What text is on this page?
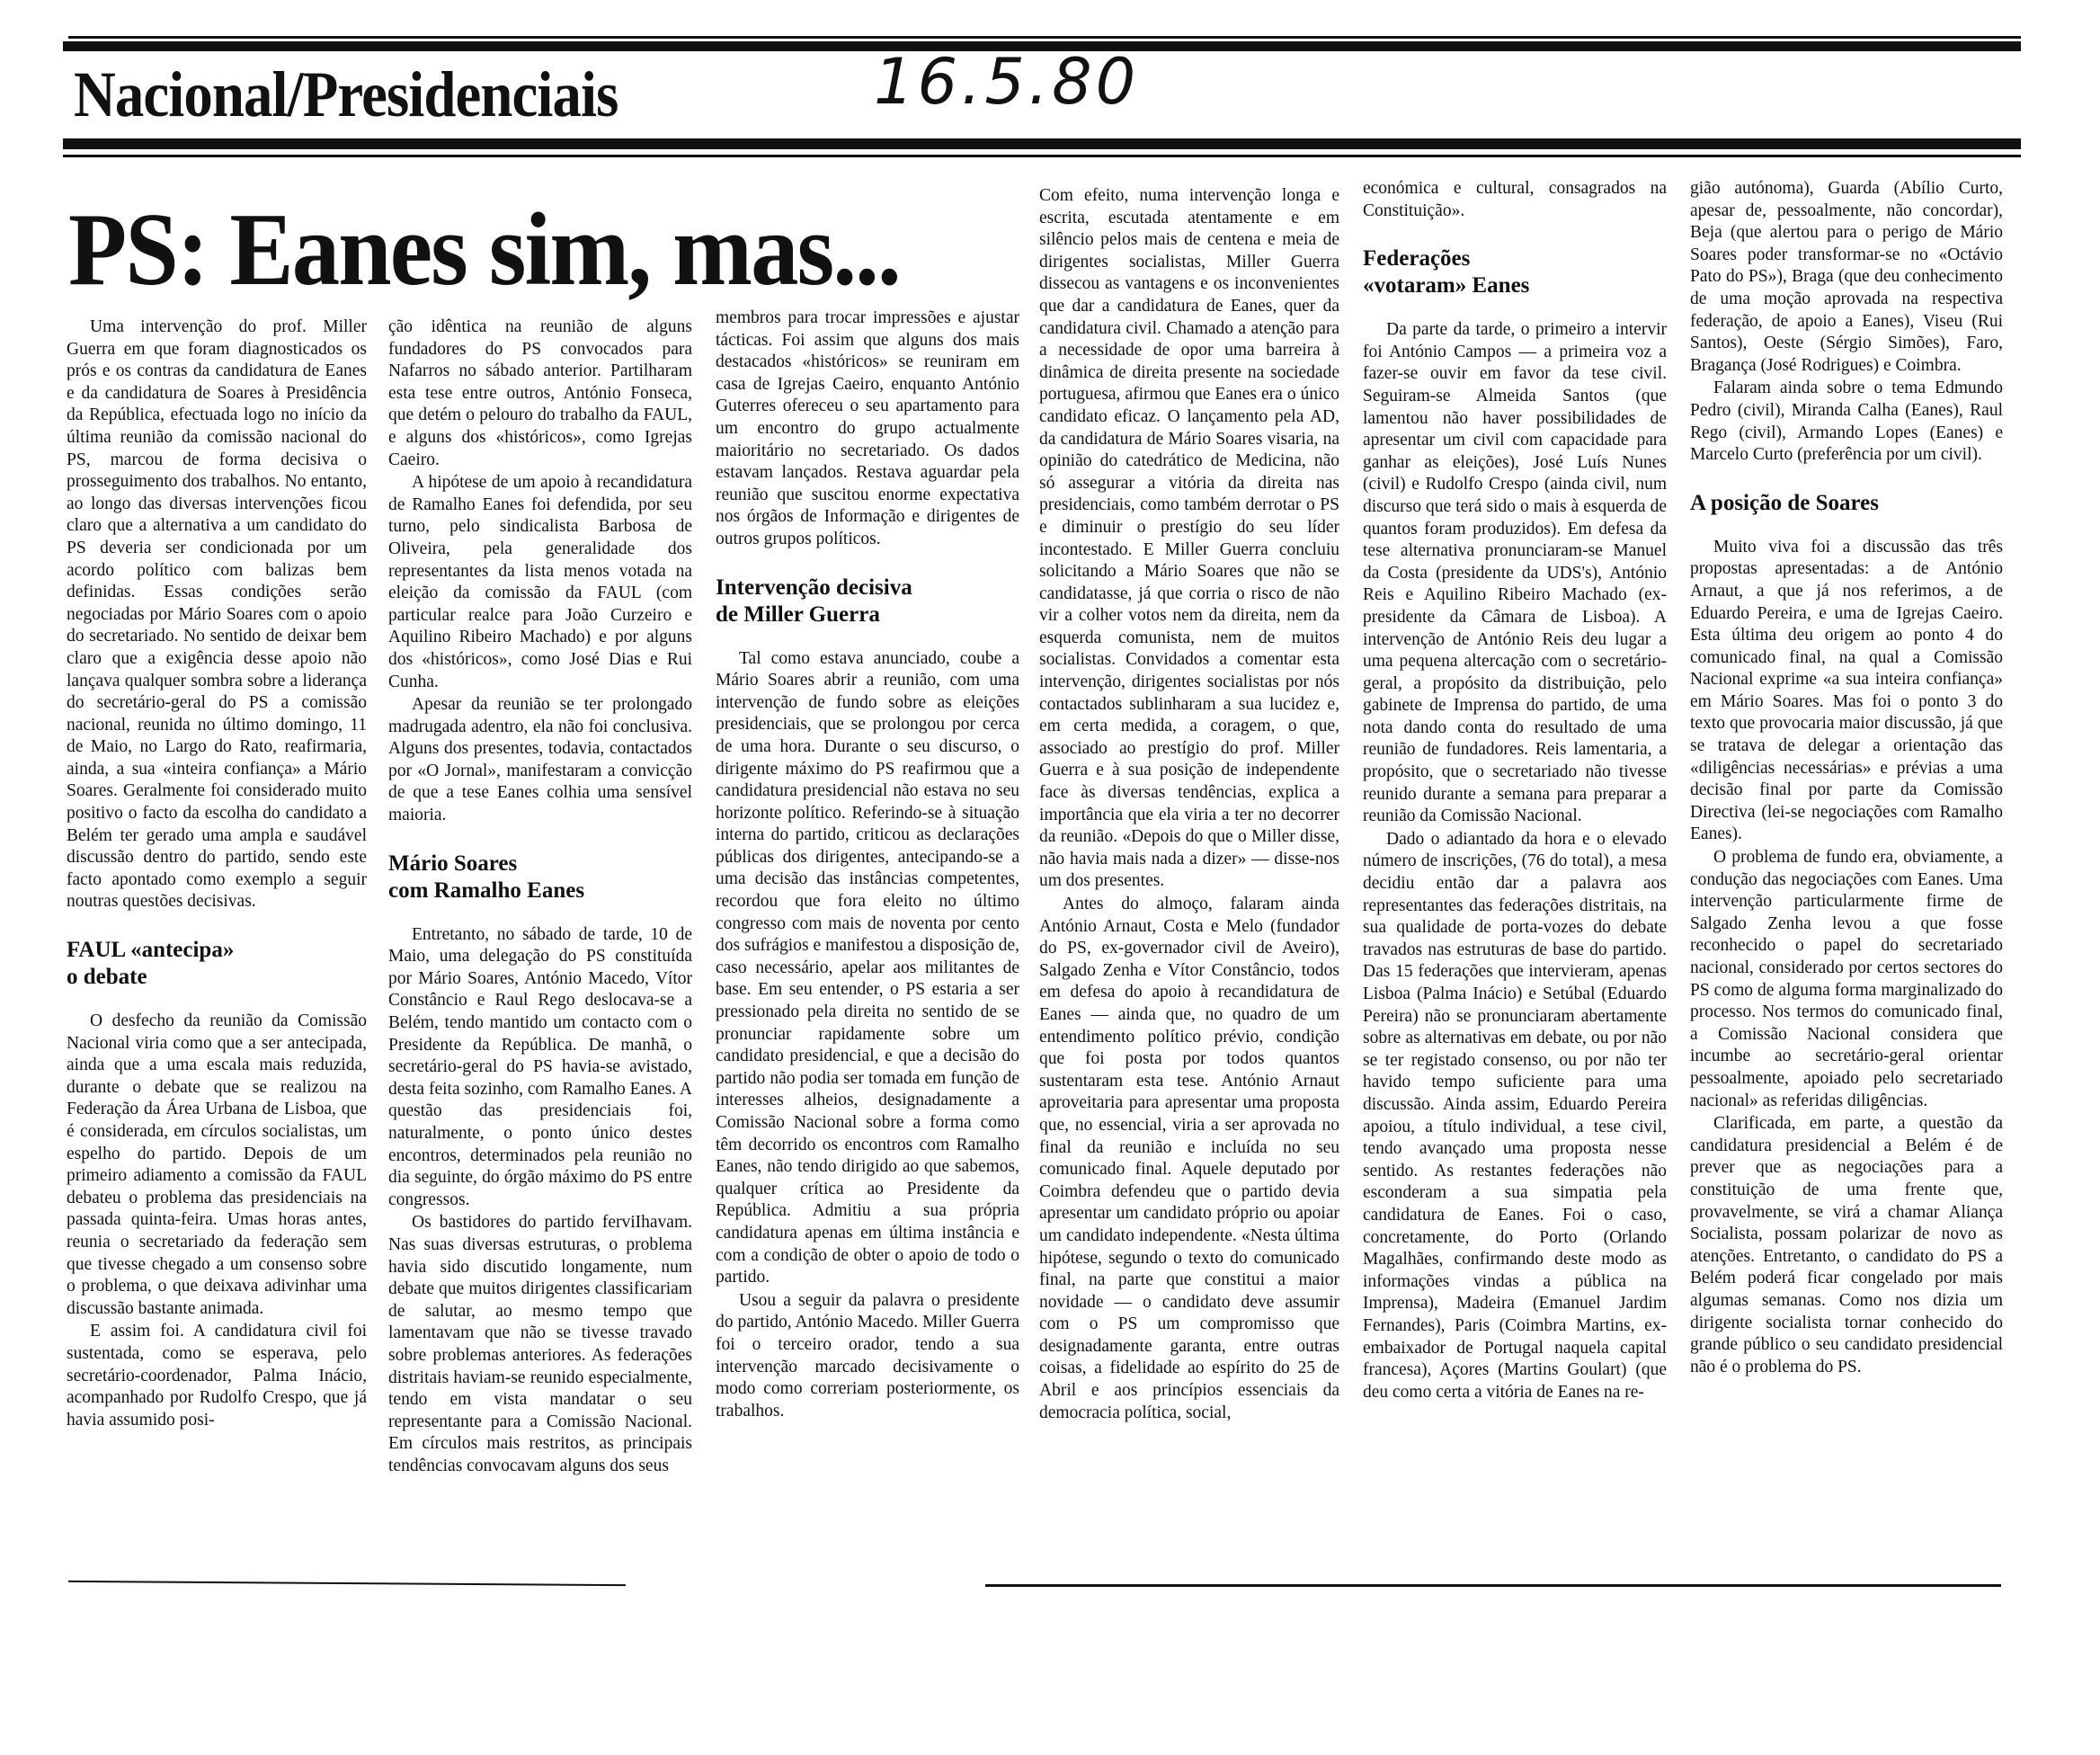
Nacional/Presidenciais	16.5.80
PS: Eanes sim, mas...

Uma intervenção do prof. Miller Guerra em que foram diagnosticados os prós e os contras da candidatura de Eanes e da candidatura de Soares à Presidência da República, efectuada logo no início da última reunião da comissão nacional do PS, marcou de forma decisiva o prosseguimento dos trabalhos. No entanto, ao longo das diversas intervenções ficou claro que a alternativa a um candidato do PS deveria ser condicionada por um acordo político com balizas bem definidas. Essas condições serão negociadas por Mário Soares com o apoio do secretariado. No sentido de deixar bem claro que a exigência desse apoio não lançava qualquer sombra sobre a liderança do secretário-geral do PS a comissão nacional, reunida no último domingo, 11 de Maio, no Largo do Rato, reafirmaria, ainda, a sua «inteira confiança» a Mário Soares. Geralmente foi considerado muito positivo o facto da escolha do candidato a Belém ter gerado uma ampla e saudável discussão dentro do partido, sendo este facto apontado como exemplo a seguir noutras questões decisivas.

FAUL «antecipa»
o debate

O desfecho da reunião da Comissão Nacional viria como que a ser antecipada, ainda que a uma escala mais reduzida, durante o debate que se realizou na Federação da Área Urbana de Lisboa, que é considerada, em círculos socialistas, um espelho do partido. Depois de um primeiro adiamento a comissão da FAUL debateu o problema das presidenciais na passada quinta-feira. Umas horas antes, reunia o secretariado da federação sem que tivesse chegado a um consenso sobre o problema, o que deixava adivinhar uma discussão bastante animada.

E assim foi. A candidatura civil foi sustentada, como se esperava, pelo secretário-coordenador, Palma Inácio, acompanhado por Rudolfo Crespo, que já havia assumido posi-

ção idêntica na reunião de alguns fundadores do PS convocados para Nafarros no sábado anterior. Partilharam esta tese entre outros, António Fonseca, que detém o pelouro do trabalho da FAUL, e alguns dos «históricos», como Igrejas Caeiro.

A hipótese de um apoio à recandidatura de Ramalho Eanes foi defendida, por seu turno, pelo sindicalista Barbosa de Oliveira, pela generalidade dos representantes da lista menos votada na eleição da comissão da FAUL (com particular realce para João Curzeiro e Aquilino Ribeiro Machado) e por alguns dos «históricos», como José Dias e Rui Cunha.

Apesar da reunião se ter prolongado madrugada adentro, ela não foi conclusiva. Alguns dos presentes, todavia, contactados por «O Jornal», manifestaram a convicção de que a tese Eanes colhia uma sensível maioria.

Mário Soares
com Ramalho Eanes

Entretanto, no sábado de tarde, 10 de Maio, uma delegação do PS constituída por Mário Soares, António Macedo, Vítor Constâncio e Raul Rego deslocava-se a Belém, tendo mantido um contacto com o Presidente da República. De manhã, o secretário-geral do PS havia-se avistado, desta feita sozinho, com Ramalho Eanes. A questão das presidenciais foi, naturalmente, o ponto único destes encontros, determinados pela reunião no dia seguinte, do órgão máximo do PS entre congressos.

Os bastidores do partido ferviIhavam. Nas suas diversas estruturas, o problema havia sido discutido longamente, num debate que muitos dirigentes classificariam de salutar, ao mesmo tempo que lamentavam que não se tivesse travado sobre problemas anteriores. As federações distritais haviam-se reunido especialmente, tendo em vista mandatar o seu representante para a Comissão Nacional. Em círculos mais restritos, as principais tendências convocavam alguns dos seus

membros para trocar impressões e ajustar tácticas. Foi assim que alguns dos mais destacados «históricos» se reuniram em casa de Igrejas Caeiro, enquanto António Guterres ofereceu o seu apartamento para um encontro do grupo actualmente maioritário no secretariado. Os dados estavam lançados. Restava aguardar pela reunião que suscitou enorme expectativa nos órgãos de Informação e dirigentes de outros grupos políticos.

Intervenção decisiva
de Miller Guerra

Tal como estava anunciado, coube a Mário Soares abrir a reunião, com uma intervenção de fundo sobre as eleições presidenciais, que se prolongou por cerca de uma hora. Durante o seu discurso, o dirigente máximo do PS reafirmou que a candidatura presidencial não estava no seu horizonte político. Referindo-se à situação interna do partido, criticou as declarações públicas dos dirigentes, antecipando-se a uma decisão das instâncias competentes, recordou que fora eleito no último congresso com mais de noventa por cento dos sufrágios e manifestou a disposição de, caso necessário, apelar aos militantes de base. Em seu entender, o PS estaria a ser pressionado pela direita no sentido de se pronunciar rapidamente sobre um candidato presidencial, e que a decisão do partido não podia ser tomada em função de interesses alheios, designadamente a Comissão Nacional sobre a forma como têm decorrido os encontros com Ramalho Eanes, não tendo dirigido ao que sabemos, qualquer crítica ao Presidente da República. Admitiu a sua própria candidatura apenas em última instância e com a condição de obter o apoio de todo o partido.

Usou a seguir da palavra o presidente do partido, António Macedo. Miller Guerra foi o terceiro orador, tendo a sua intervenção marcado decisivamente o modo como correriam posteriormente, os trabalhos.

Com efeito, numa intervenção longa e escrita, escutada atentamente e em silêncio pelos mais de centena e meia de dirigentes socialistas, Miller Guerra dissecou as vantagens e os inconvenientes que dar a candidatura de Eanes, quer da candidatura civil. Chamado a atenção para a necessidade de opor uma barreira à dinâmica de direita presente na sociedade portuguesa, afirmou que Eanes era o único candidato eficaz. O lançamento pela AD, da candidatura de Mário Soares visaria, na opinião do catedrático de Medicina, não só assegurar a vitória da direita nas presidenciais, como também derrotar o PS e diminuir o prestígio do seu líder incontestado. E Miller Guerra concluiu solicitando a Mário Soares que não se candidatasse, já que corria o risco de não vir a colher votos nem da direita, nem da esquerda comunista, nem de muitos socialistas. Convidados a comentar esta intervenção, dirigentes socialistas por nós contactados sublinharam a sua lucidez e, em certa medida, a coragem, o que, associado ao prestígio do prof. Miller Guerra e à sua posição de independente face às diversas tendências, explica a importância que ela viria a ter no decorrer da reunião. «Depois do que o Miller disse, não havia mais nada a dizer» — disse-nos um dos presentes.

Antes do almoço, falaram ainda António Arnaut, Costa e Melo (fundador do PS, ex-governador civil de Aveiro), Salgado Zenha e Vítor Constâncio, todos em defesa do apoio à recandidatura de Eanes — ainda que, no quadro de um entendimento político prévio, condição que foi posta por todos quantos sustentaram esta tese. António Arnaut aproveitaria para apresentar uma proposta que, no essencial, viria a ser aprovada no final da reunião e incluída no seu comunicado final. Aquele deputado por Coimbra defendeu que o partido devia apresentar um candidato próprio ou apoiar um candidato independente. «Nesta última hipótese, segundo o texto do comunicado final, na parte que constitui a maior novidade — o candidato deve assumir com o PS um compromisso que designadamente garanta, entre outras coisas, a fidelidade ao espírito do 25 de Abril e aos princípios essenciais da democracia política, social,

económica e cultural, consagrados na Constituição».

Federações
«votaram» Eanes

Da parte da tarde, o primeiro a intervir foi António Campos — a primeira voz a fazer-se ouvir em favor da tese civil. Seguiram-se Almeida Santos (que lamentou não haver possibilidades de apresentar um civil com capacidade para ganhar as eleições), José Luís Nunes (civil) e Rudolfo Crespo (ainda civil, num discurso que terá sido o mais à esquerda de quantos foram produzidos). Em defesa da tese alternativa pronunciaram-se Manuel da Costa (presidente da UDS's), António Reis e Aquilino Ribeiro Machado (ex-presidente da Câmara de Lisboa). A intervenção de António Reis deu lugar a uma pequena altercação com o secretário-geral, a propósito da distribuição, pelo gabinete de Imprensa do partido, de uma nota dando conta do resultado de uma reunião de fundadores. Reis lamentaria, a propósito, que o secretariado não tivesse reunido durante a semana para preparar a reunião da Comissão Nacional.

Dado o adiantado da hora e o elevado número de inscrições, (76 do total), a mesa decidiu então dar a palavra aos representantes das federações distritais, na sua qualidade de porta-vozes do debate travados nas estruturas de base do partido. Das 15 federações que intervieram, apenas Lisboa (Palma Inácio) e Setúbal (Eduardo Pereira) não se pronunciaram abertamente sobre as alternativas em debate, ou por não se ter registado consenso, ou por não ter havido tempo suficiente para uma discussão. Ainda assim, Eduardo Pereira apoiou, a título individual, a tese civil, tendo avançado uma proposta nesse sentido. As restantes federações não esconderam a sua simpatia pela candidatura de Eanes. Foi o caso, concretamente, do Porto (Orlando Magalhães, confirmando deste modo as informações vindas a pública na Imprensa), Madeira (Emanuel Jardim Fernandes), Paris (Coimbra Martins, ex-embaixador de Portugal naquela capital francesa), Açores (Martins Goulart) (que deu como certa a vitória de Eanes na re-

gião autónoma), Guarda (Abílio Curto, apesar de, pessoalmente, não concordar), Beja (que alertou para o perigo de Mário Soares poder transformar-se no «Octávio Pato do PS»), Braga (que deu conhecimento de uma moção aprovada na respectiva federação, de apoio a Eanes), Viseu (Rui Santos), Oeste (Sérgio Simões), Faro, Bragança (José Rodrigues) e Coimbra.

Falaram ainda sobre o tema Edmundo Pedro (civil), Miranda Calha (Eanes), Raul Rego (civil), Armando Lopes (Eanes) e Marcelo Curto (preferência por um civil).

A posição de Soares

Muito viva foi a discussão das três propostas apresentadas: a de António Arnaut, a que já nos referimos, a de Eduardo Pereira, e uma de Igrejas Caeiro. Esta última deu origem ao ponto 4 do comunicado final, na qual a Comissão Nacional exprime «a sua inteira confiança» em Mário Soares. Mas foi o ponto 3 do texto que provocaria maior discussão, já que se tratava de delegar a orientação das «diligências necessárias» e prévias a uma decisão final por parte da Comissão Directiva (lei-se negociações com Ramalho Eanes).

O problema de fundo era, obviamente, a condução das negociações com Eanes. Uma intervenção particularmente firme de Salgado Zenha levou a que fosse reconhecido o papel do secretariado nacional, considerado por certos sectores do PS como de alguma forma marginalizado do processo. Nos termos do comunicado final, a Comissão Nacional considera que incumbe ao secretário-geral orientar pessoalmente, apoiado pelo secretariado nacional» as referidas diligências.

Clarificada, em parte, a questão da candidatura presidencial a Belém é de prever que as negociações para a constituição de uma frente que, provavelmente, se virá a chamar Aliança Socialista, possam polarizar de novo as atenções. Entretanto, o candidato do PS a Belém poderá ficar congelado por mais algumas semanas. Como nos dizia um dirigente socialista tornar conhecido do grande público o seu candidato presidencial não é o problema do PS.
